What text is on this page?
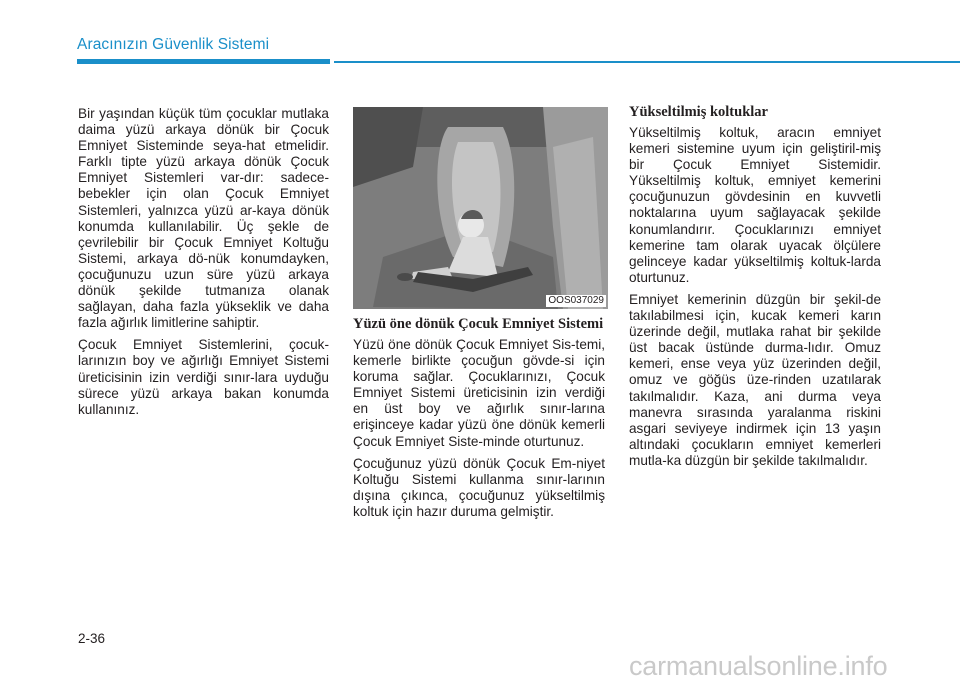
Aracınızın Güvenlik Sistemi

Bir yaşından küçük tüm çocuklar mutlaka daima yüzü arkaya dönük bir Çocuk Emniyet Sisteminde seya-hat etmelidir. Farklı tipte yüzü arkaya dönük Çocuk Emniyet Sistemleri var-dır: sadece-bebekler için olan Çocuk Emniyet Sistemleri, yalnızca yüzü ar-kaya dönük konumda kullanılabilir. Üç şekle de çevrilebilir bir Çocuk Emniyet Koltuğu Sistemi, arkaya dö-nük konumdayken, çocuğunuzu uzun süre yüzü arkaya dönük şekilde tutmanıza olanak sağlayan, daha fazla yükseklik ve daha fazla ağırlık limitlerine sahiptir.

Çocuk Emniyet Sistemlerini, çocuk-larınızın boy ve ağırlığı Emniyet Sistemi üreticisinin izin verdiği sınır-lara uyduğu sürece yüzü arkaya bakan konumda kullanınız.

OOS037029
Yüzü öne dönük Çocuk Emniyet Sistemi

Yüzü öne dönük Çocuk Emniyet Sis-temi, kemerle birlikte çocuğun gövde-si için koruma sağlar. Çocuklarınızı, Çocuk Emniyet Sistemi üreticisinin izin verdiği en üst boy ve ağırlık sınır-larına erişinceye kadar yüzü öne dönük kemerli Çocuk Emniyet Siste-minde oturtunuz.

Çocuğunuz yüzü dönük Çocuk Em-niyet Koltuğu Sistemi kullanma sınır-larının dışına çıkınca, çocuğunuz yükseltilmiş koltuk için hazır duruma gelmiştir.

Yükseltilmiş koltuklar

Yükseltilmiş koltuk, aracın emniyet kemeri sistemine uyum için geliştiril-miş bir Çocuk Emniyet Sistemidir. Yükseltilmiş koltuk, emniyet kemerini çocuğunuzun gövdesinin en kuvvetli noktalarına uyum sağlayacak şekilde konumlandırır. Çocuklarınızı emniyet kemerine tam olarak uyacak ölçülere gelinceye kadar yükseltilmiş koltuk-larda oturtunuz.

Emniyet kemerinin düzgün bir şekil-de takılabilmesi için, kucak kemeri karın üzerinde değil, mutlaka rahat bir şekilde üst bacak üstünde durma-lıdır. Omuz kemeri, ense veya yüz üzerinden değil, omuz ve göğüs üze-rinden uzatılarak takılmalıdır. Kaza, ani durma veya manevra sırasında yaralanma riskini asgari seviyeye indirmek için 13 yaşın altındaki çocukların emniyet kemerleri mutla-ka düzgün bir şekilde takılmalıdır.

2-36
carmanualsonline.info
